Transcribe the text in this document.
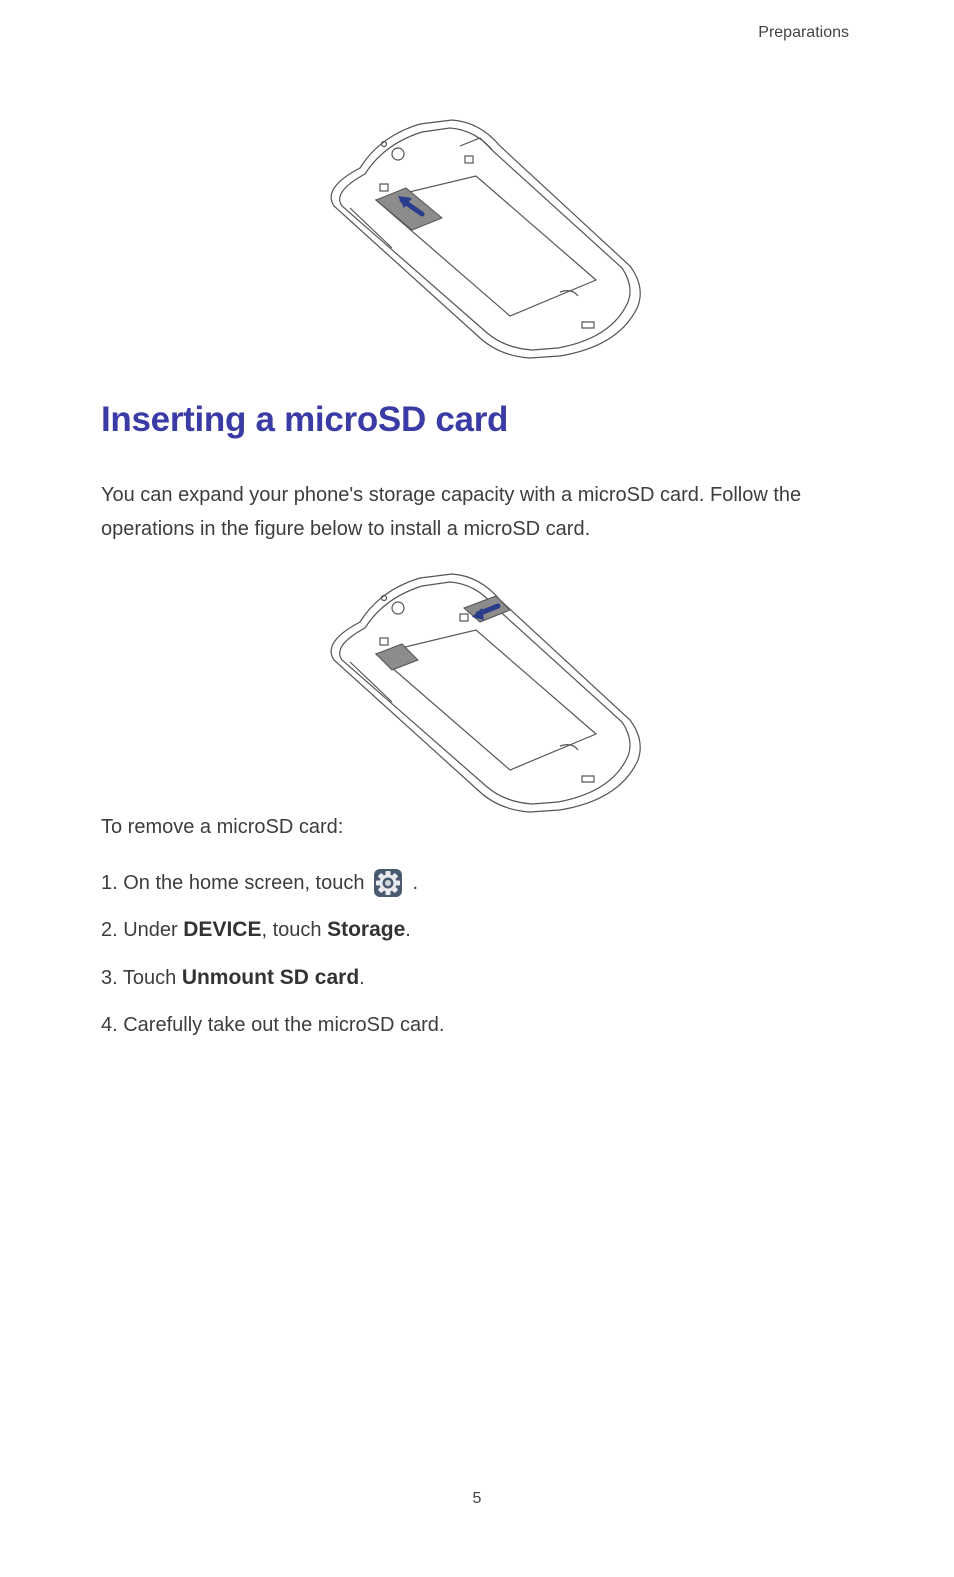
Preparations
Inserting a microSD card

You can expand your phone's storage capacity with a microSD card. Follow the operations in the figure below to install a microSD card.

To remove a microSD card:

1. On the home screen, touch .

2. Under DEVICE , touch Storage .

3. Touch Unmount SD card .

4. Carefully take out the microSD card.

5
